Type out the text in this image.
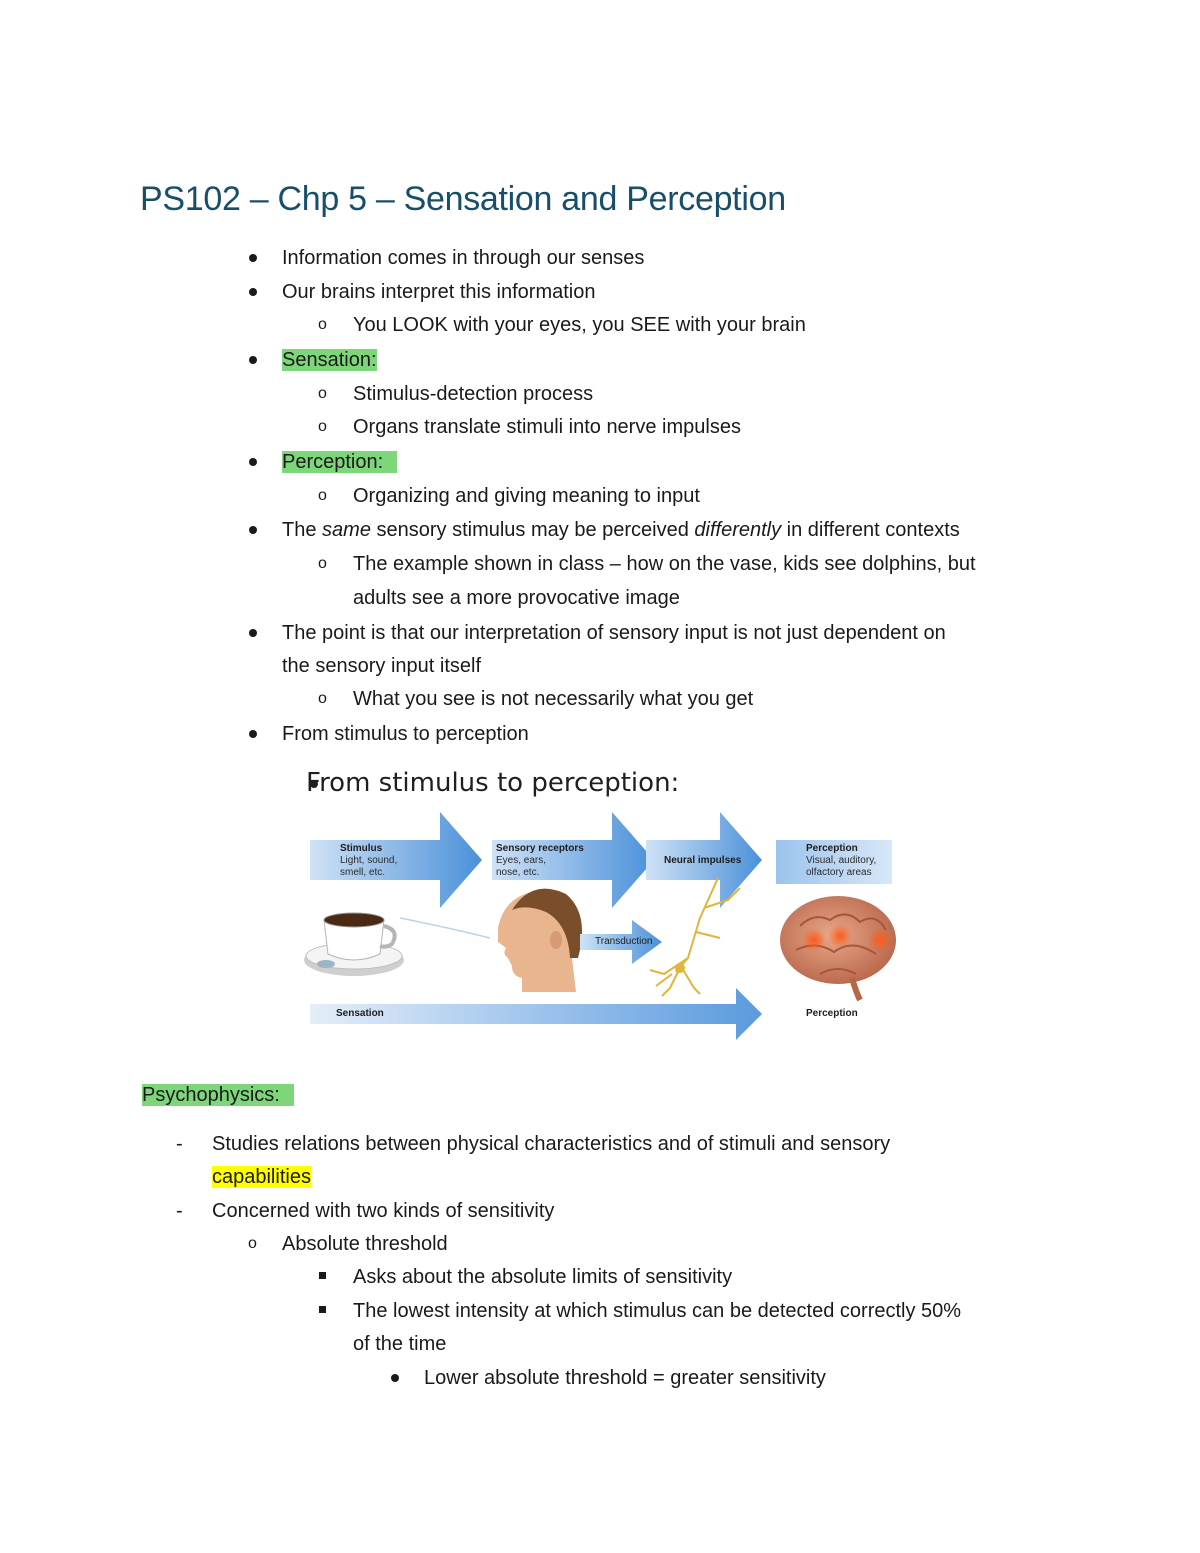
PS102 – Chp 5 – Sensation and Perception
Information comes in through our senses
Our brains interpret this information
o You LOOK with your eyes, you SEE with your brain
Sensation:
o Stimulus-detection process
o Organs translate stimuli into nerve impulses
Perception:
o Organizing and giving meaning to input
The same sensory stimulus may be perceived differently in different contexts
o The example shown in class – how on the vase, kids see dolphins, but
adults see a more provocative image
The point is that our interpretation of sensory input is not just dependent on
the sensory input itself
o What you see is not necessarily what you get
From stimulus to perception
From stimulus to perception:
Stimulus
Light, sound,
smell, etc.
Sensory receptors
Eyes, ears,
nose, etc.
Neural impulses
Perception
Visual, auditory,
olfactory areas
Transduction
Sensation	Perception
Psychophysics:
- Studies relations between physical characteristics and of stimuli and sensory
capabilities
- Concerned with two kinds of sensitivity
o Absolute threshold
Asks about the absolute limits of sensitivity
The lowest intensity at which stimulus can be detected correctly 50%
of the time
Lower absolute threshold = greater sensitivity
